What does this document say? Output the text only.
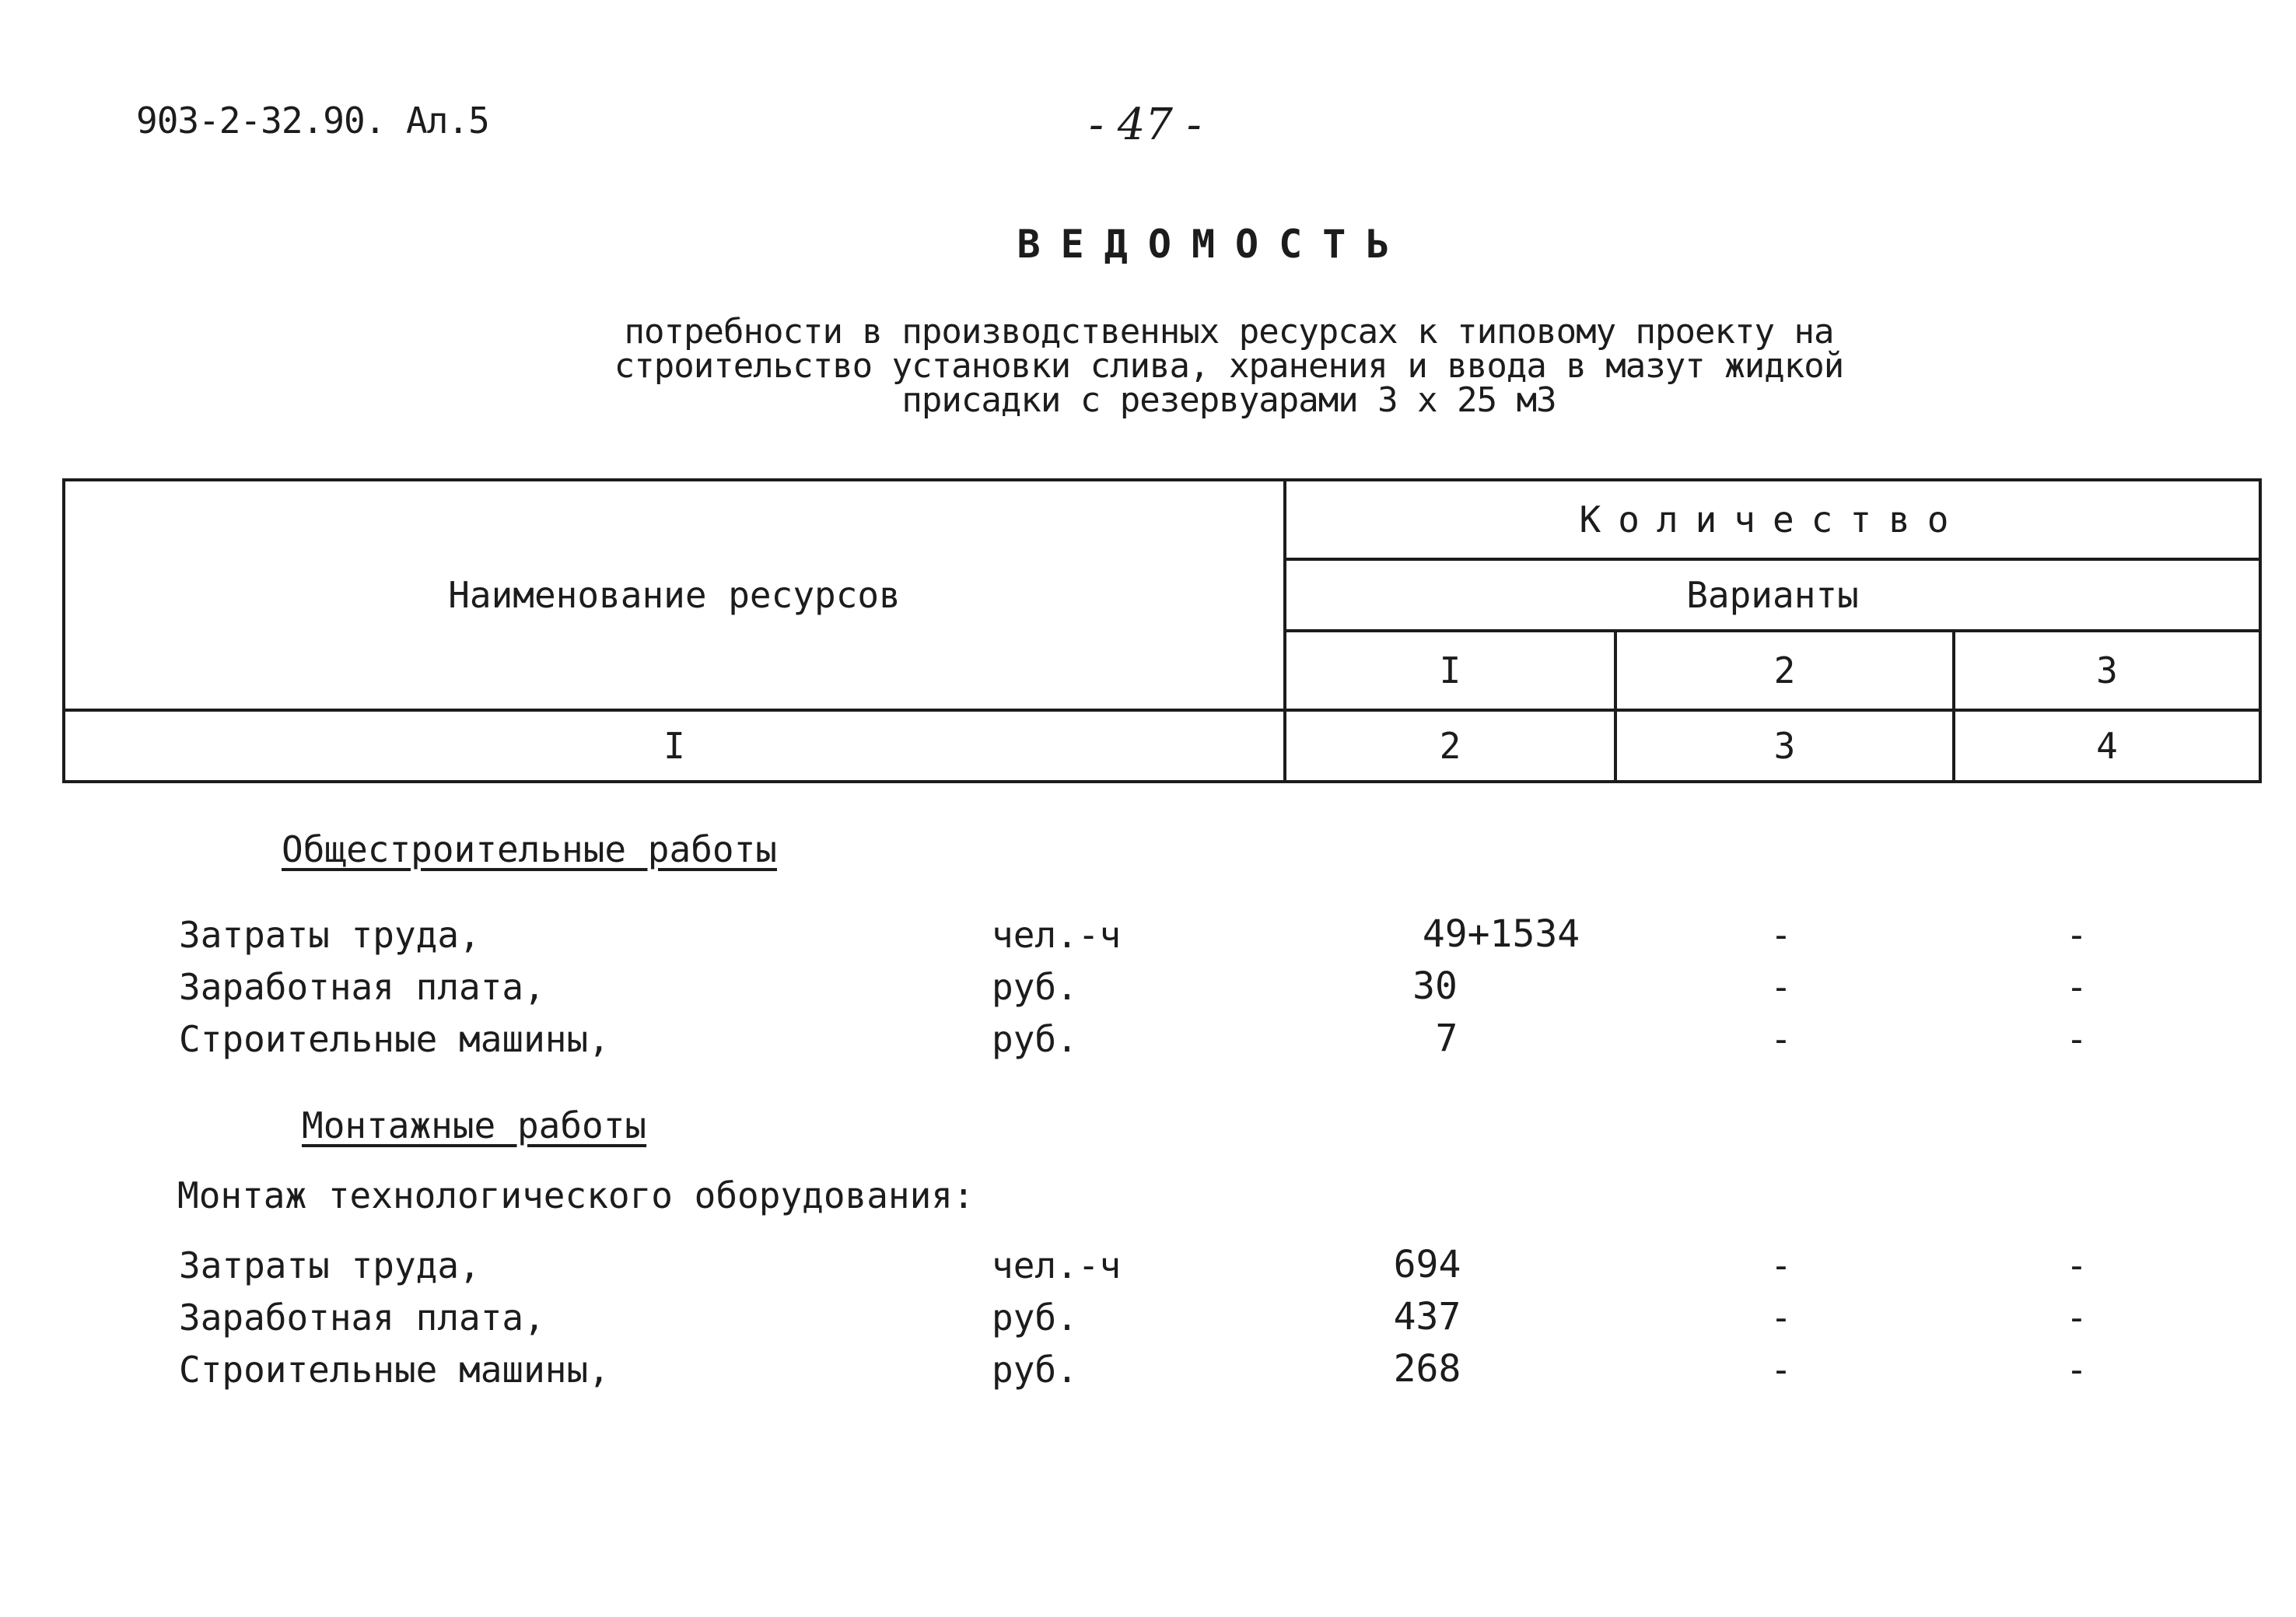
903-2-32.90. Ал.5	- 47 -
ВЕДОМОСТЬ
потребности в производственных ресурсах к типовому проекту на
строительство установки слива, хранения и ввода в мазут жидкой
присадки с резервуарами 3 х 25 м3
Наименование ресурсов	Количество		
	Варианты		
	I	2	3
I	2	3	4
Общестроительные работы
Затраты труда,	чел.-ч	49+1534	-	-
Заработная плата,	руб.	30	-	-
Строительные машины,	руб.	7	-	-
Монтажные работы
Монтаж технологического оборудования:
Затраты труда,	чел.-ч	694	-	-
Заработная плата,	руб.	437	-	-
Строительные машины,	руб.	268	-	-
